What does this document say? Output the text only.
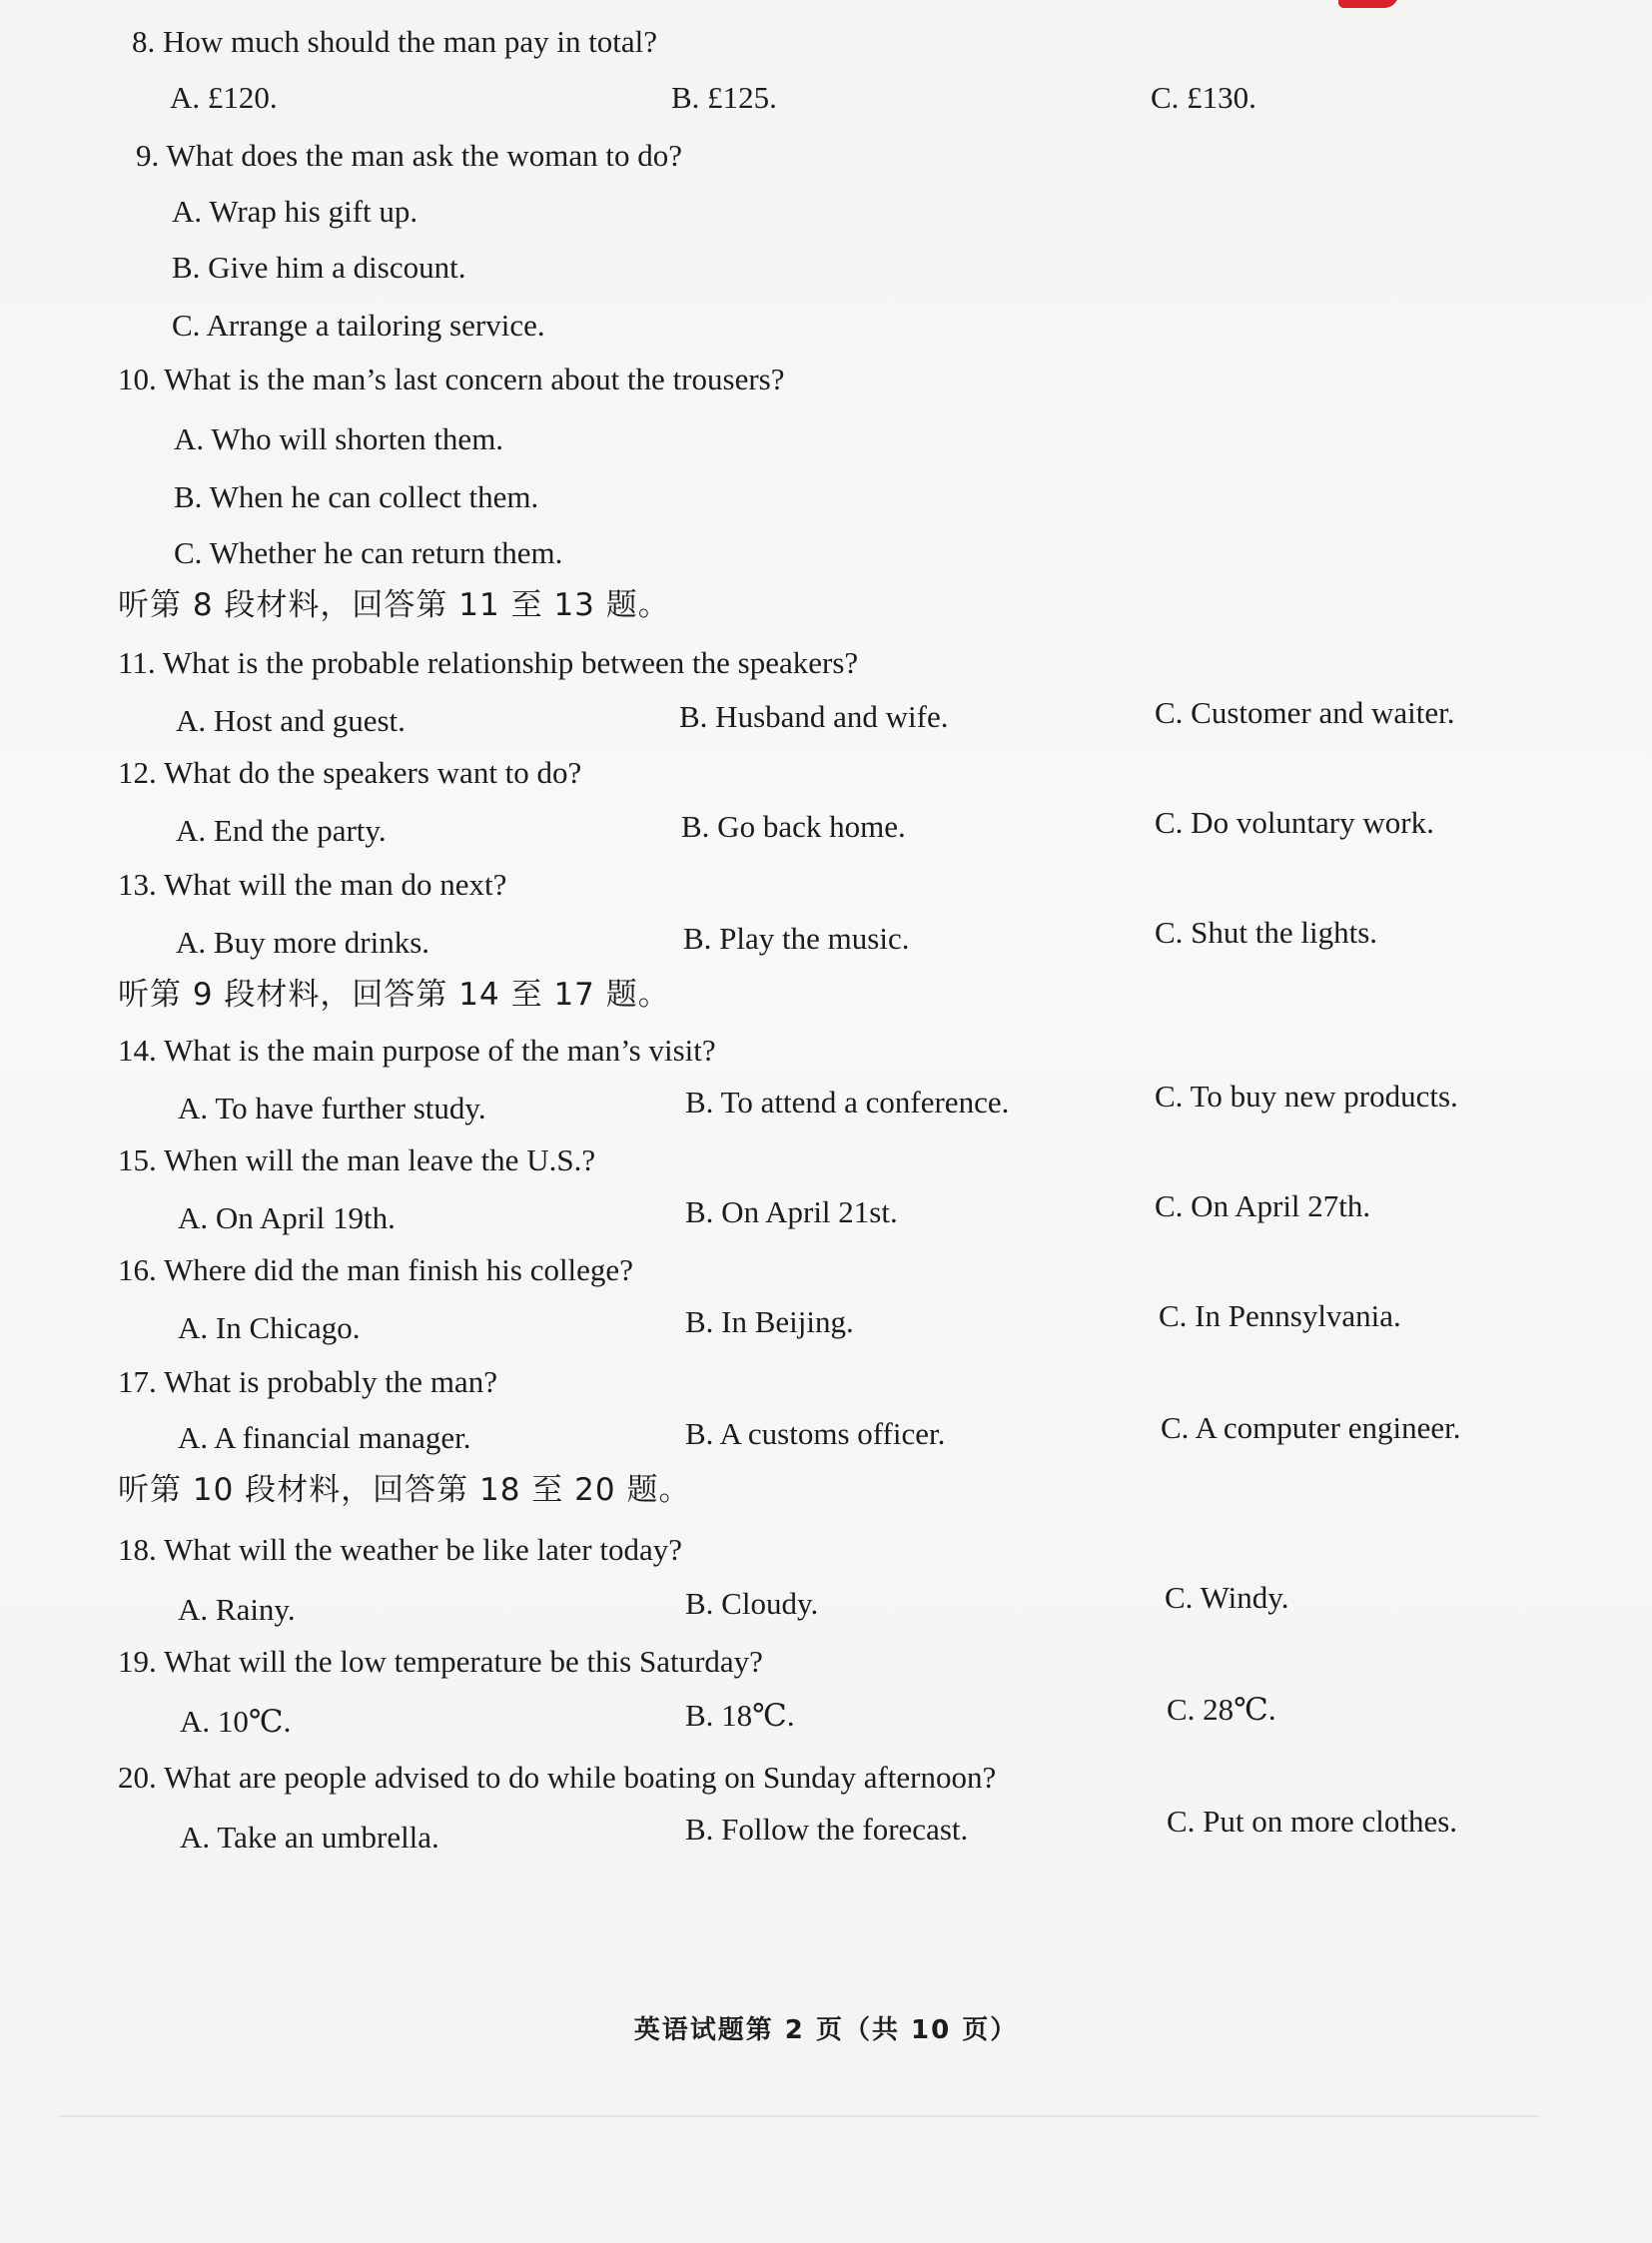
8. How much should the man pay in total?
A. £120.	B. £125.	C. £130.
9. What does the man ask the woman to do?
A. Wrap his gift up.
B. Give him a discount.
C. Arrange a tailoring service.
10. What is the man’s last concern about the trousers?
A. Who will shorten them.
B. When he can collect them.
C. Whether he can return them.
听第 8 段材料，回答第 11 至 13 题。
11. What is the probable relationship between the speakers?
A. Host and guest.	B. Husband and wife.	C. Customer and waiter.
12. What do the speakers want to do?
A. End the party.	B. Go back home.	C. Do voluntary work.
13. What will the man do next?
A. Buy more drinks.	B. Play the music.	C. Shut the lights.
听第 9 段材料，回答第 14 至 17 题。
14. What is the main purpose of the man’s visit?
A. To have further study.	B. To attend a conference.	C. To buy new products.
15. When will the man leave the U.S.?
A. On April 19th.	B. On April 21st.	C. On April 27th.
16. Where did the man finish his college?
A. In Chicago.	B. In Beijing.	C. In Pennsylvania.
17. What is probably the man?
A. A financial manager.	B. A customs officer.	C. A computer engineer.
听第 10 段材料，回答第 18 至 20 题。
18. What will the weather be like later today?
A. Rainy.	B. Cloudy.	C. Windy.
19. What will the low temperature be this Saturday?
A. 10℃.	B. 18℃.	C. 28℃.
20. What are people advised to do while boating on Sunday afternoon?
A. Take an umbrella.	B. Follow the forecast.	C. Put on more clothes.
英语试题第 2 页（共 10 页）
